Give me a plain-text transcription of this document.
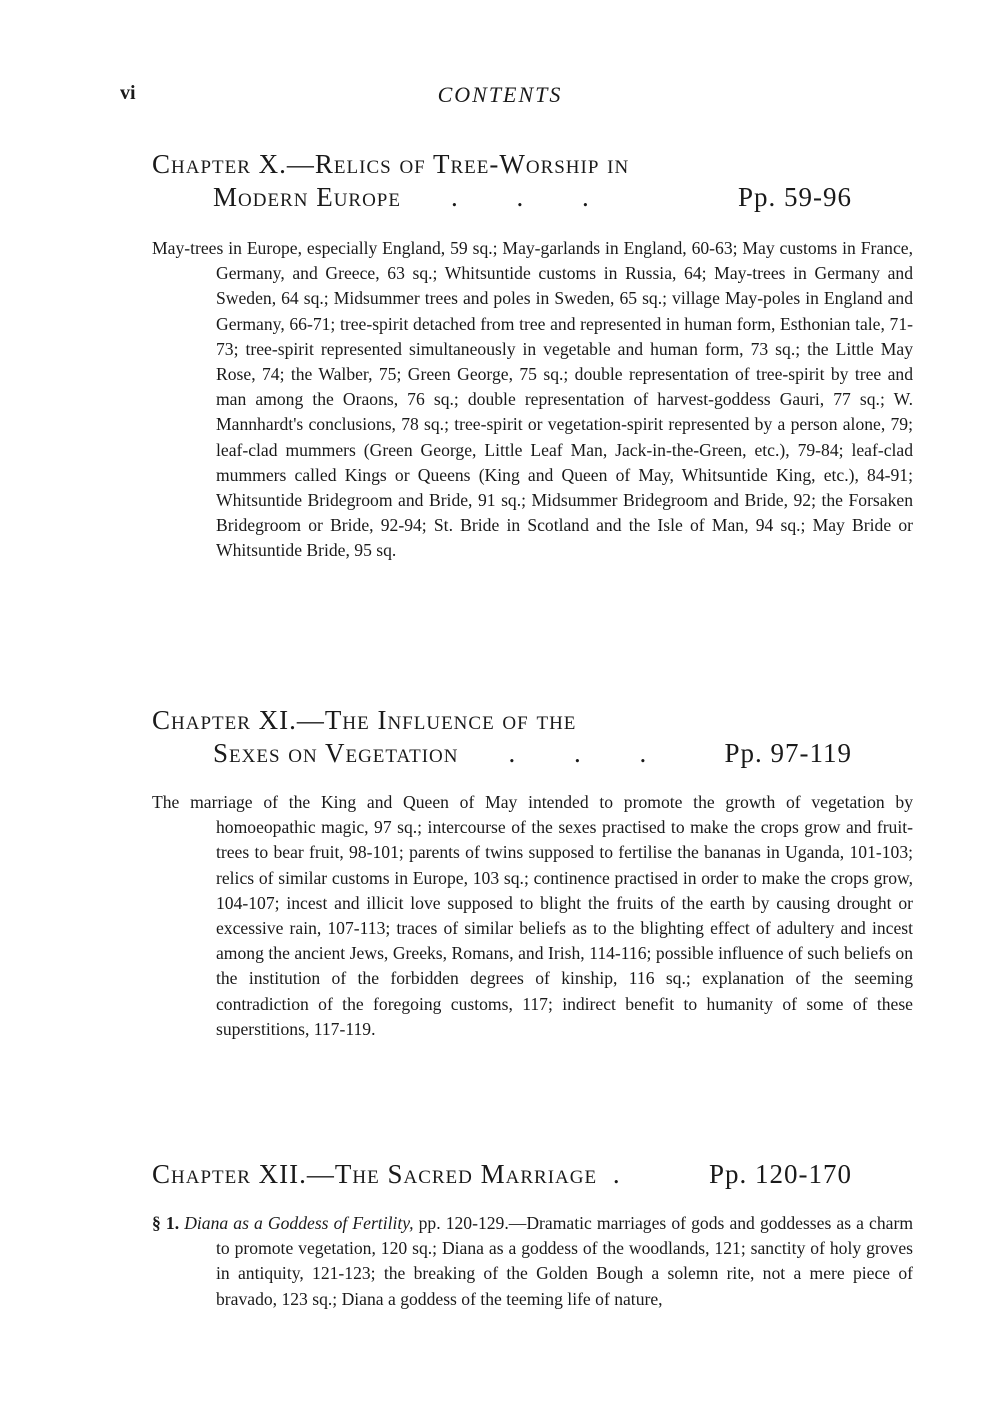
vi	CONTENTS
Chapter X.—Relics of Tree-Worship in
Modern Europe . . .	Pp. 59-96

May-trees in Europe, especially England, 59 sq.; May-garlands in England, 60-63; May customs in France, Germany, and Greece, 63 sq.; Whitsuntide customs in Russia, 64; May-trees in Germany and Sweden, 64 sq.; Midsummer trees and poles in Sweden, 65 sq.; village May-poles in England and Germany, 66-71; tree-spirit detached from tree and represented in human form, Esthonian tale, 71-73; tree-spirit represented simultaneously in vegetable and human form, 73 sq.; the Little May Rose, 74; the Walber, 75; Green George, 75 sq.; double representation of tree-spirit by tree and man among the Oraons, 76 sq.; double representation of harvest-goddess Gauri, 77 sq.; W. Mannhardt's conclusions, 78 sq.; tree-spirit or vegetation-spirit represented by a person alone, 79; leaf-clad mummers (Green George, Little Leaf Man, Jack-in-the-Green, etc.), 79-84; leaf-clad mummers called Kings or Queens (King and Queen of May, Whitsuntide King, etc.), 84-91; Whitsuntide Bridegroom and Bride, 91 sq.; Midsummer Bridegroom and Bride, 92; the Forsaken Bridegroom or Bride, 92-94; St. Bride in Scotland and the Isle of Man, 94 sq.; May Bride or Whitsuntide Bride, 95 sq.

Chapter XI.—The Influence of the
Sexes on Vegetation . . . Pp. 97-119

The marriage of the King and Queen of May intended to promote the growth of vegetation by homoeopathic magic, 97 sq.; intercourse of the sexes practised to make the crops grow and fruit-trees to bear fruit, 98-101; parents of twins supposed to fertilise the bananas in Uganda, 101-103; relics of similar customs in Europe, 103 sq.; continence practised in order to make the crops grow, 104-107; incest and illicit love supposed to blight the fruits of the earth by causing drought or excessive rain, 107-113; traces of similar beliefs as to the blighting effect of adultery and incest among the ancient Jews, Greeks, Romans, and Irish, 114-116; possible influence of such beliefs on the institution of the forbidden degrees of kinship, 116 sq.; explanation of the seeming contradiction of the foregoing customs, 117; indirect benefit to humanity of some of these superstitions, 117-119.

Chapter XII.—The Sacred Marriage .	Pp. 120-170

§ 1. Diana as a Goddess of Fertility, pp. 120-129.—Dramatic marriages of gods and goddesses as a charm to promote vegetation, 120 sq.; Diana as a goddess of the woodlands, 121; sanctity of holy groves in antiquity, 121-123; the breaking of the Golden Bough a solemn rite, not a mere piece of bravado, 123 sq.; Diana a goddess of the teeming life of nature,
